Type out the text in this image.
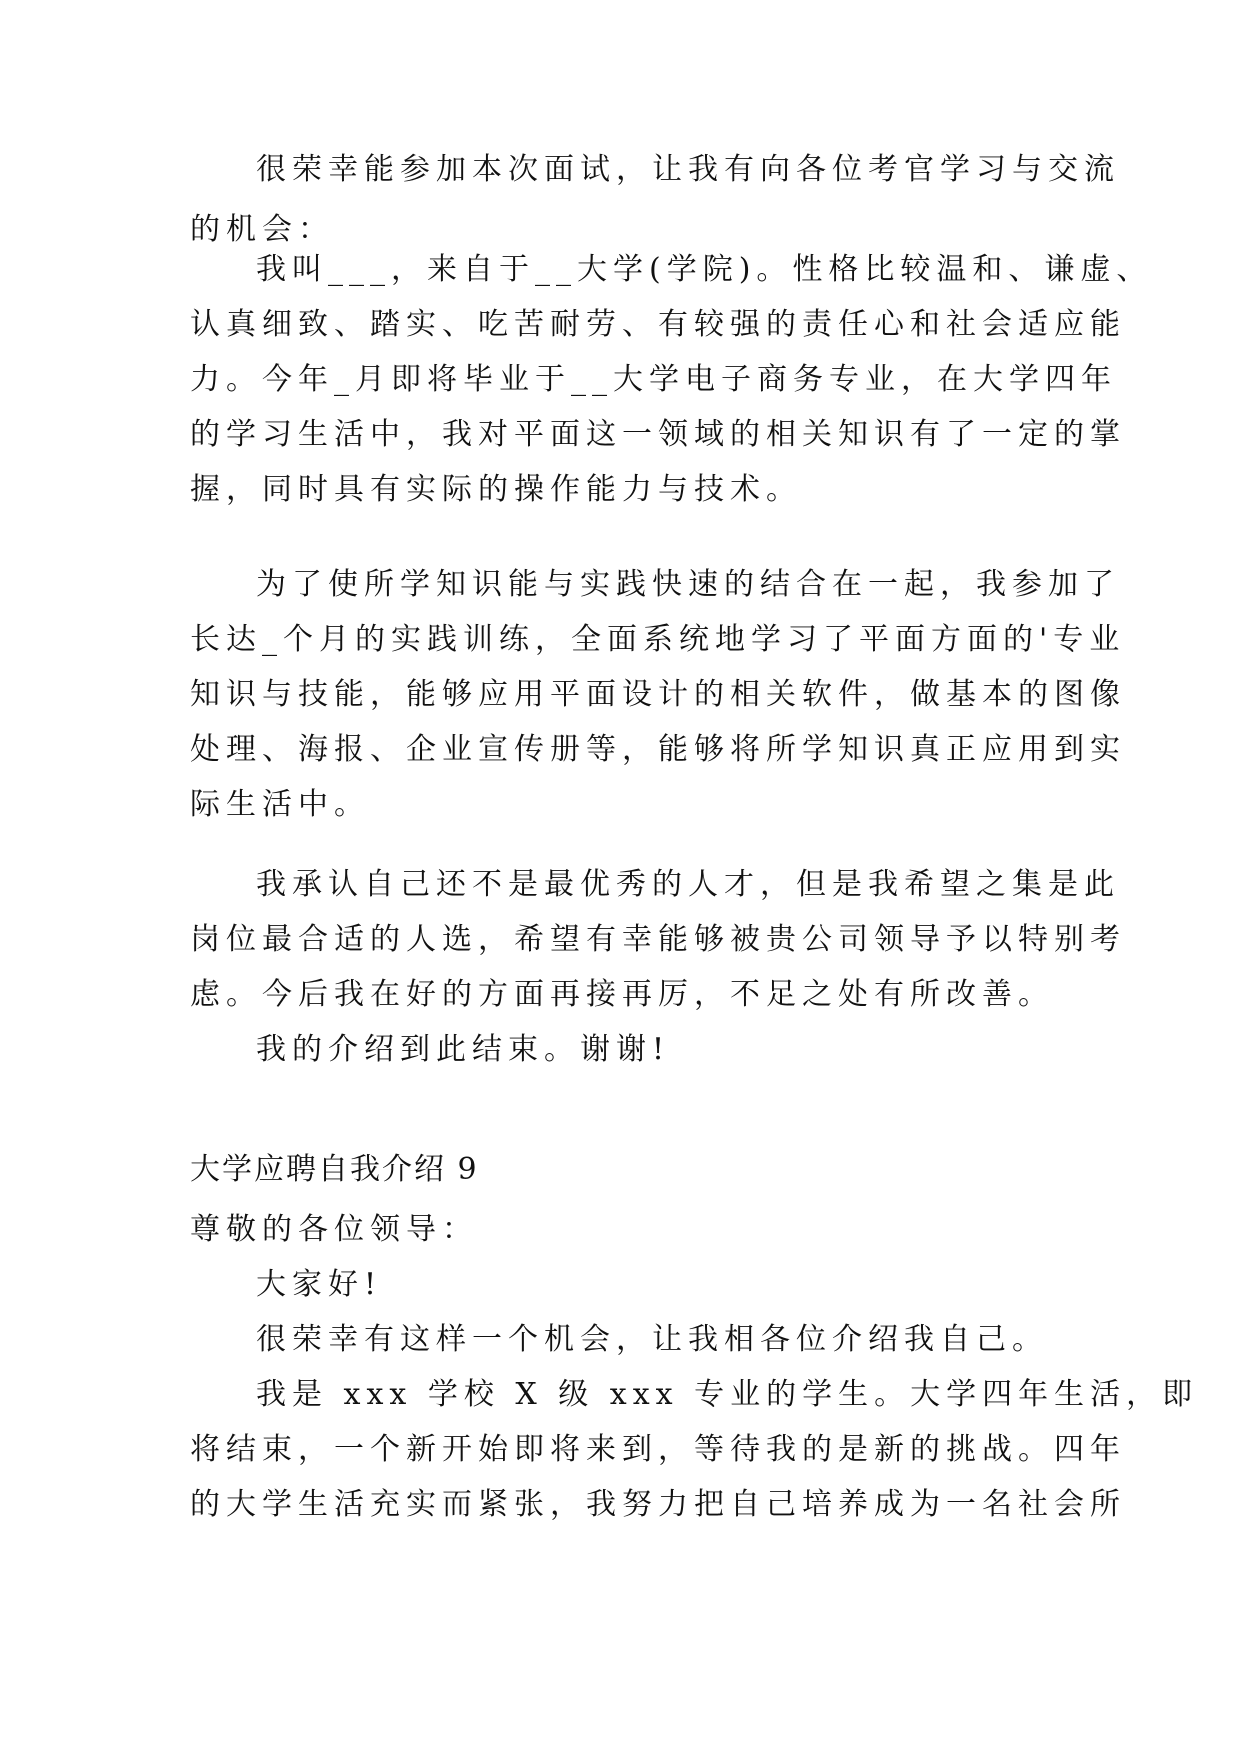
很荣幸能参加本次面试，让我有向各位考官学习与交流
的机会：
我叫___，来自于__大学(学院)。性格比较温和、谦虚、
认真细致、踏实、吃苦耐劳、有较强的责任心和社会适应能
力。今年_月即将毕业于__大学电子商务专业，在大学四年
的学习生活中，我对平面这一领域的相关知识有了一定的掌
握，同时具有实际的操作能力与技术。
为了使所学知识能与实践快速的结合在一起，我参加了
长达_个月的实践训练，全面系统地学习了平面方面的'专业
知识与技能，能够应用平面设计的相关软件，做基本的图像
处理、海报、企业宣传册等，能够将所学知识真正应用到实
际生活中。
我承认自己还不是最优秀的人才，但是我希望之集是此
岗位最合适的人选，希望有幸能够被贵公司领导予以特别考
虑。今后我在好的方面再接再厉，不足之处有所改善。
我的介绍到此结束。谢谢!
大学应聘自我介绍 9
尊敬的各位领导：
大家好!
很荣幸有这样一个机会，让我相各位介绍我自己。
我是 xxx 学校 X 级 xxx 专业的学生。大学四年生活，即
将结束，一个新开始即将来到，等待我的是新的挑战。四年
的大学生活充实而紧张，我努力把自己培养成为一名社会所
